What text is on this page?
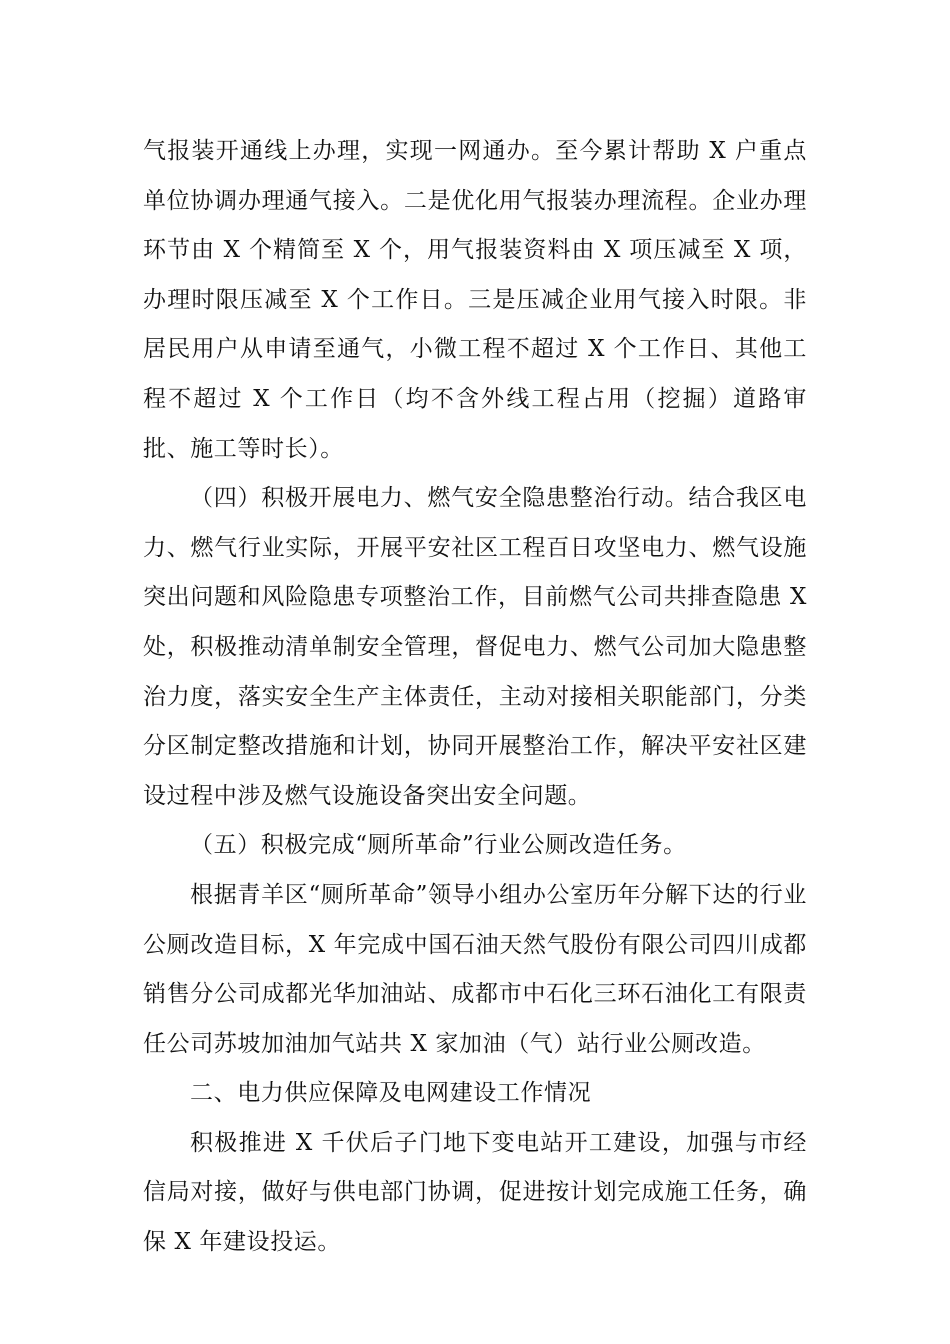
气报装开通线上办理，实现一网通办。至今累计帮助 X 户重点单位协调办理通气接入。二是优化用气报装办理流程。企业办理环节由 X 个精简至 X 个，用气报装资料由 X 项压减至 X 项，办理时限压减至 X 个工作日。三是压减企业用气接入时限。非居民用户从申请至通气，小微工程不超过 X 个工作日、其他工程不超过 X 个工作日（均不含外线工程占用（挖掘）道路审批、施工等时长）。

（四）积极开展电力、燃气安全隐患整治行动。结合我区电力、燃气行业实际，开展平安社区工程百日攻坚电力、燃气设施突出问题和风险隐患专项整治工作，目前燃气公司共排查隐患 X 处，积极推动清单制安全管理，督促电力、燃气公司加大隐患整治力度，落实安全生产主体责任，主动对接相关职能部门，分类分区制定整改措施和计划，协同开展整治工作，解决平安社区建设过程中涉及燃气设施设备突出安全问题。

（五）积极完成“厕所革命”行业公厕改造任务。

根据青羊区“厕所革命”领导小组办公室历年分解下达的行业公厕改造目标，X 年完成中国石油天然气股份有限公司四川成都销售分公司成都光华加油站、成都市中石化三环石油化工有限责任公司苏坡加油加气站共 X 家加油（气）站行业公厕改造。

二、电力供应保障及电网建设工作情况

积极推进 X 千伏后子门地下变电站开工建设，加强与市经信局对接，做好与供电部门协调，促进按计划完成施工任务，确保 X 年建设投运。
